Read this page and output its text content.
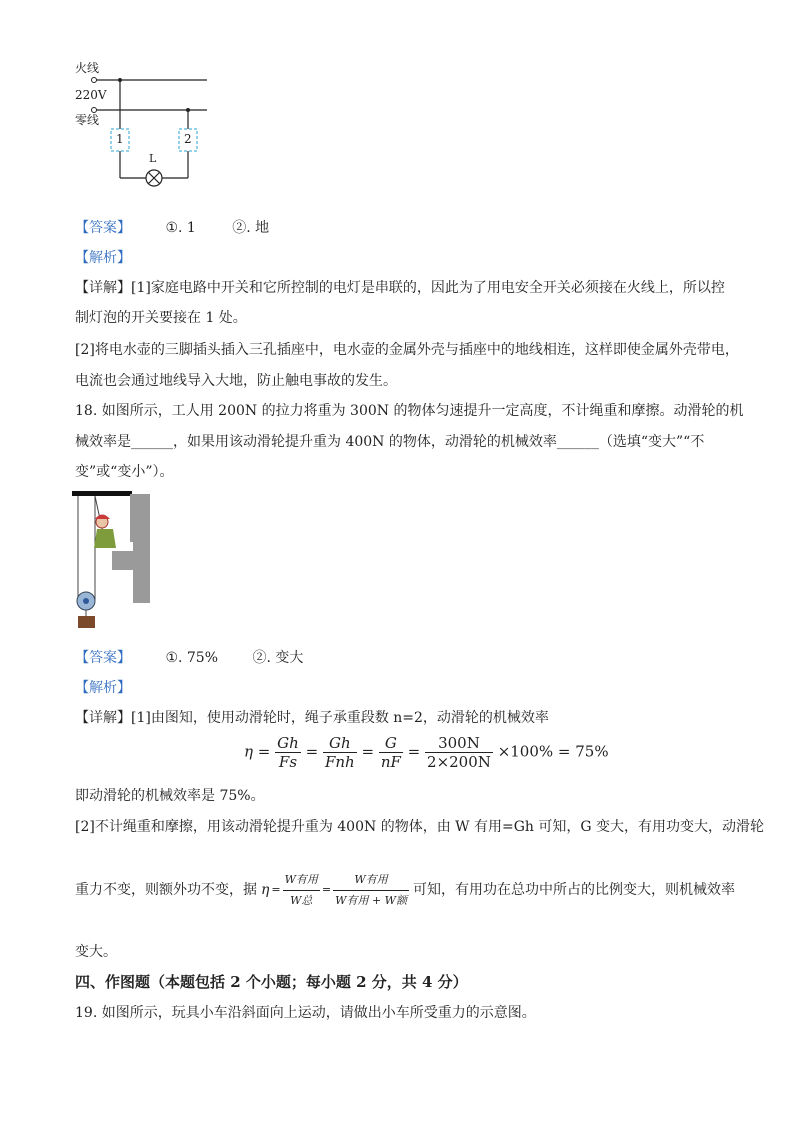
火线
220V
零线
1	2
L
【答案】 ①. 1	②. 地
【解析】
【详解】[1]家庭电路中开关和它所控制的电灯是串联的，因此为了用电安全开关必须接在火线上，所以控
制灯泡的开关要接在 1 处。
[2]将电水壶的三脚插头插入三孔插座中，电水壶的金属外壳与插座中的地线相连，这样即使金属外壳带电，
电流也会通过地线导入大地，防止触电事故的发生。
18. 如图所示，工人用 200N 的拉力将重为 300N 的物体匀速提升一定高度，不计绳重和摩擦。动滑轮的机
械效率是______，如果用该动滑轮提升重为 400N 的物体，动滑轮的机械效率______（选填“变大”“不
变”或“变小”）。
【答案】 ①. 75% ②. 变大
【解析】
【详解】[1]由图知，使用动滑轮时，绳子承重段数 n=2，动滑轮的机械效率
$\eta = \frac{Gh}{Fs} = \frac{Gh}{\text{Fnh}} = \frac{G}{nF} = \frac{300N}{2\times 200N} \times 100\% = 75\%$
即动滑轮的机械效率是 75%。
[2]不计绳重和摩擦，用该动滑轮提升重为 400N 的物体，由 W 有用=Gh 可知，G 变大，有用功变大，动滑轮
重力不变，则额外功不变，据 $\eta = \frac{\text{W有用}}{\text{W总}} = \frac{\text{W有用}}{\text{W有用 + W额}}$ 可知，有用功在总功中所占的比例变大，则机械效率
变大。
四、作图题（本题包括 2 个小题；每小题 2 分，共 4 分）
19. 如图所示，玩具小车沿斜面向上运动，请做出小车所受重力的示意图。
